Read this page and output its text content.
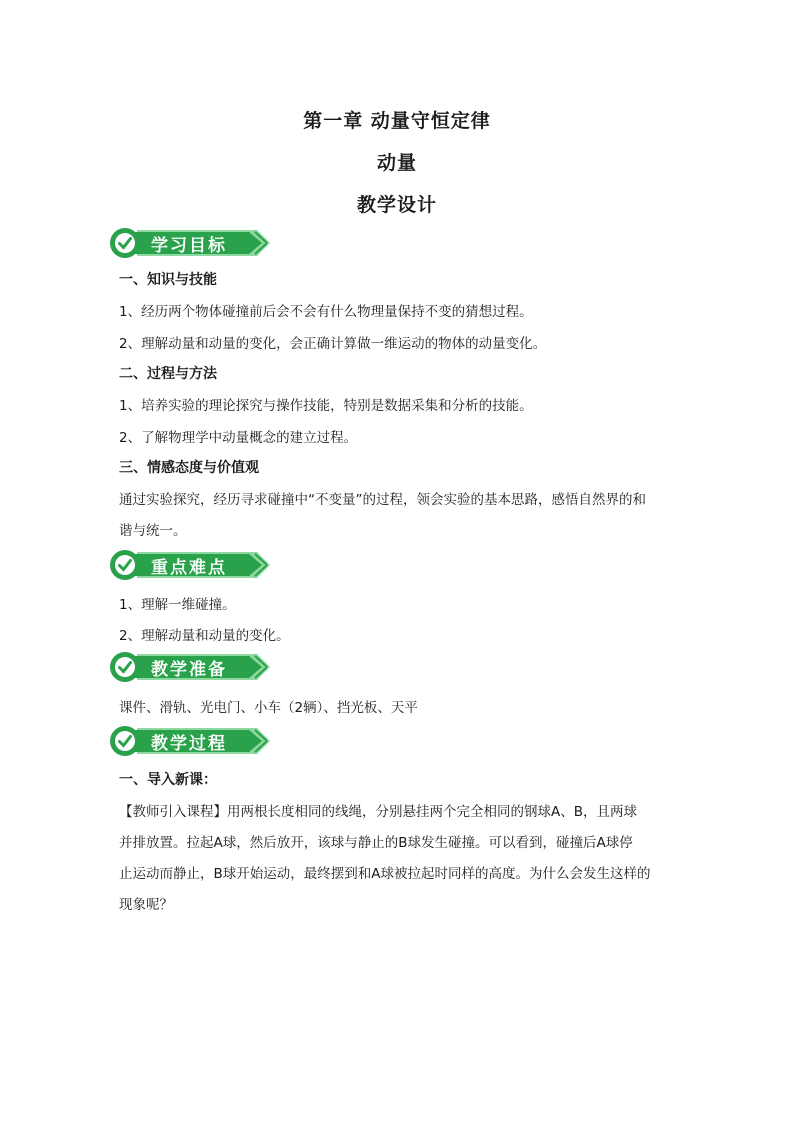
第一章 动量守恒定律
动量
教学设计
学习目标
一、知识与技能
1、经历两个物体碰撞前后会不会有什么物理量保持不变的猜想过程。
2、理解动量和动量的变化，会正确计算做一维运动的物体的动量变化。
二、过程与方法
1、培养实验的理论探究与操作技能，特别是数据采集和分析的技能。
2、了解物理学中动量概念的建立过程。
三、情感态度与价值观
通过实验探究，经历寻求碰撞中“不变量”的过程，领会实验的基本思路，感悟自然界的和
谐与统一。
重点难点
1、理解一维碰撞。
2、理解动量和动量的变化。
教学准备
课件、滑轨、光电门、小车（2辆）、挡光板、天平
教学过程
一、导入新课：
【教师引入课程】用两根长度相同的线绳，分别悬挂两个完全相同的钢球A、B，且两球
并排放置。拉起A球，然后放开，该球与静止的B球发生碰撞。可以看到，碰撞后A球停
止运动而静止，B球开始运动，最终摆到和A球被拉起时同样的高度。为什么会发生这样的
现象呢？
